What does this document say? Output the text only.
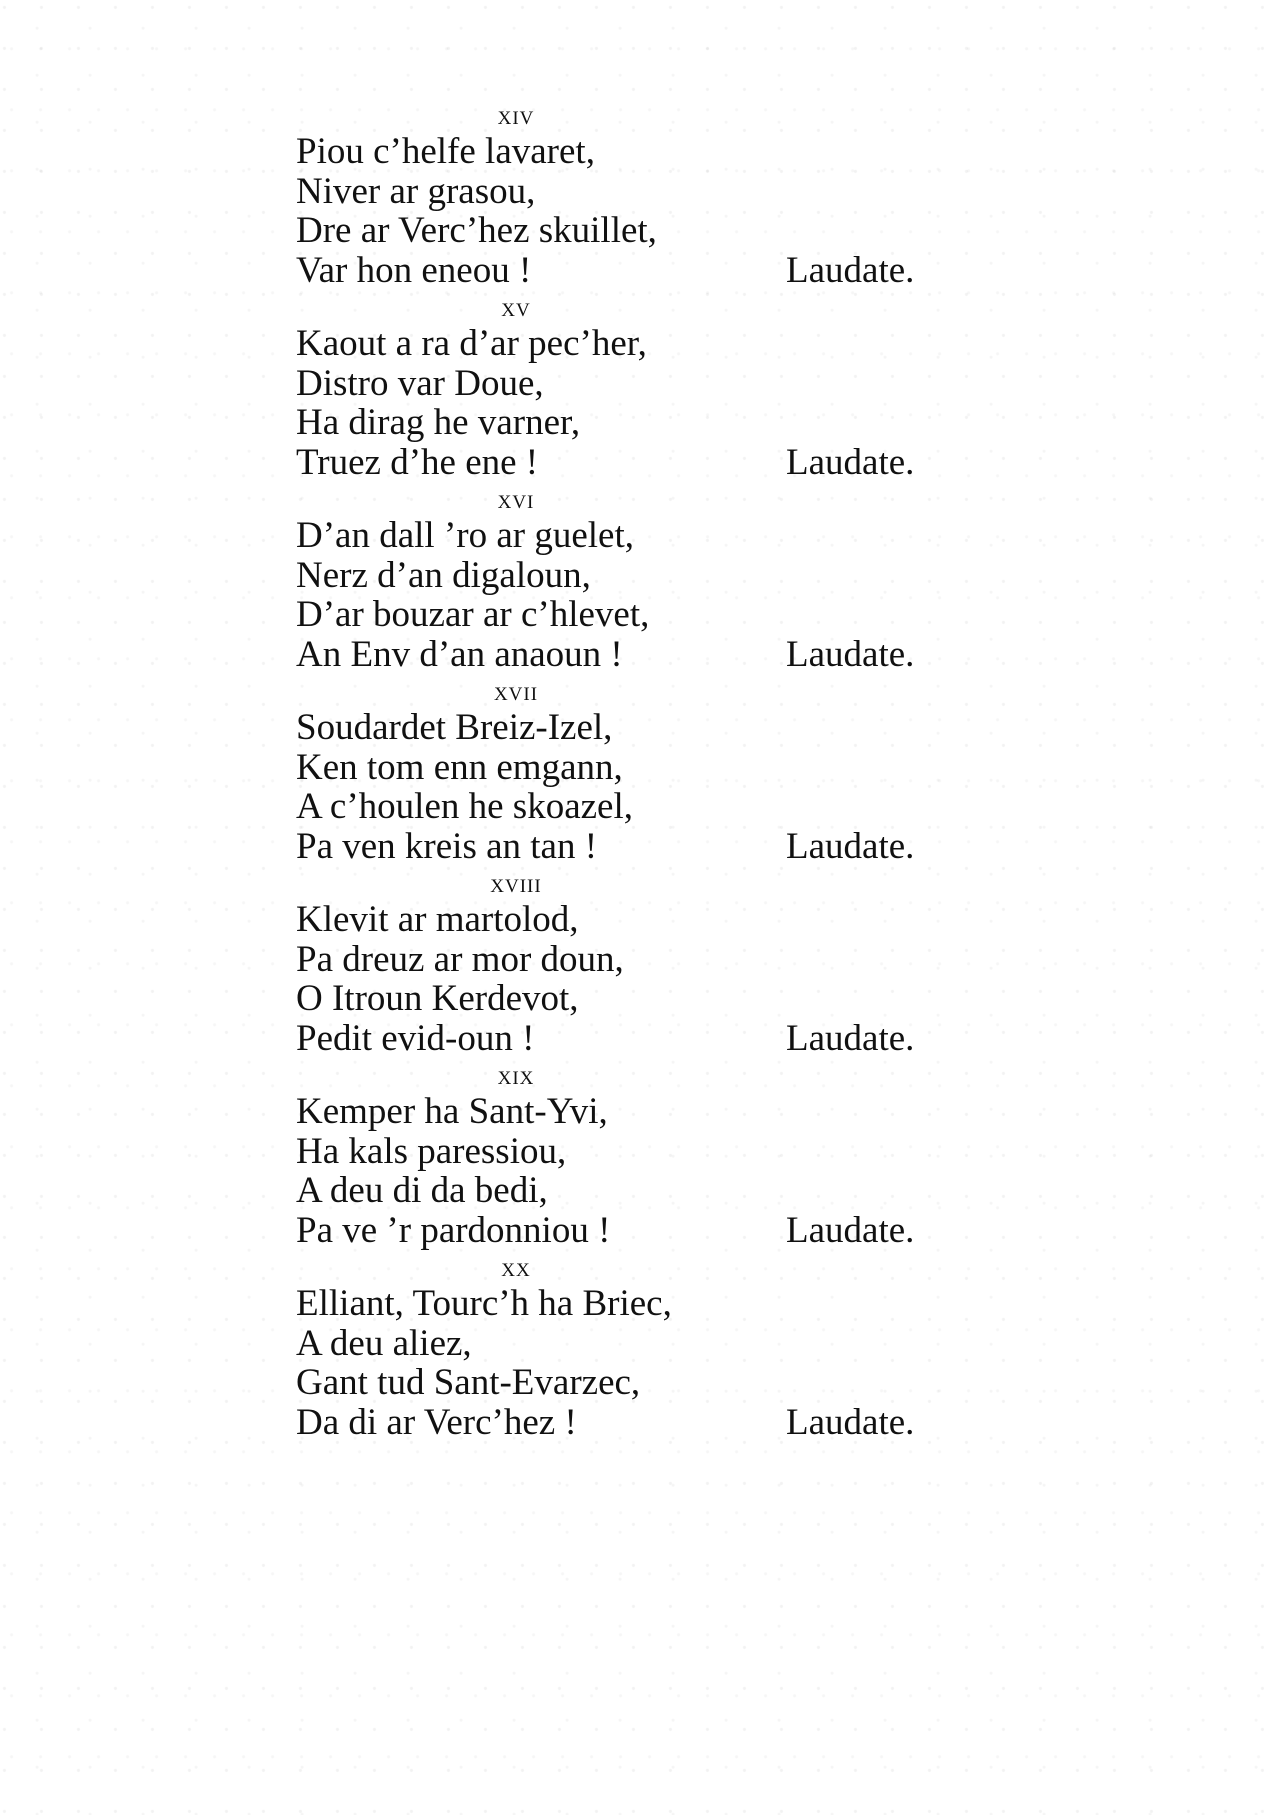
xiv
Piou c’helfe lavaret,
Niver ar grasou,
Dre ar Verc’hez skuillet,
Var hon eneou !	Laudate.
xv
Kaout a ra d’ar pec’her,
Distro var Doue,
Ha dirag he varner,
Truez d’he ene !	Laudate.
xvi
D’an dall ’ro ar guelet,
Nerz d’an digaloun,
D’ar bouzar ar c’hlevet,
An Env d’an anaoun !	Laudate.
xvii
Soudardet Breiz-Izel,
Ken tom enn emgann,
A c’houlen he skoazel,
Pa ven kreis an tan !	Laudate.
xviii
Klevit ar martolod,
Pa dreuz ar mor doun,
O Itroun Kerdevot,
Pedit evid-oun !	Laudate.
xix
Kemper ha Sant-Yvi,
Ha kals paressiou,
A deu di da bedi,
Pa ve ’r pardonniou !	Laudate.
xx
Elliant, Tourc’h ha Briec,
A deu aliez,
Gant tud Sant-Evarzec,
Da di ar Verc’hez !	Laudate.
